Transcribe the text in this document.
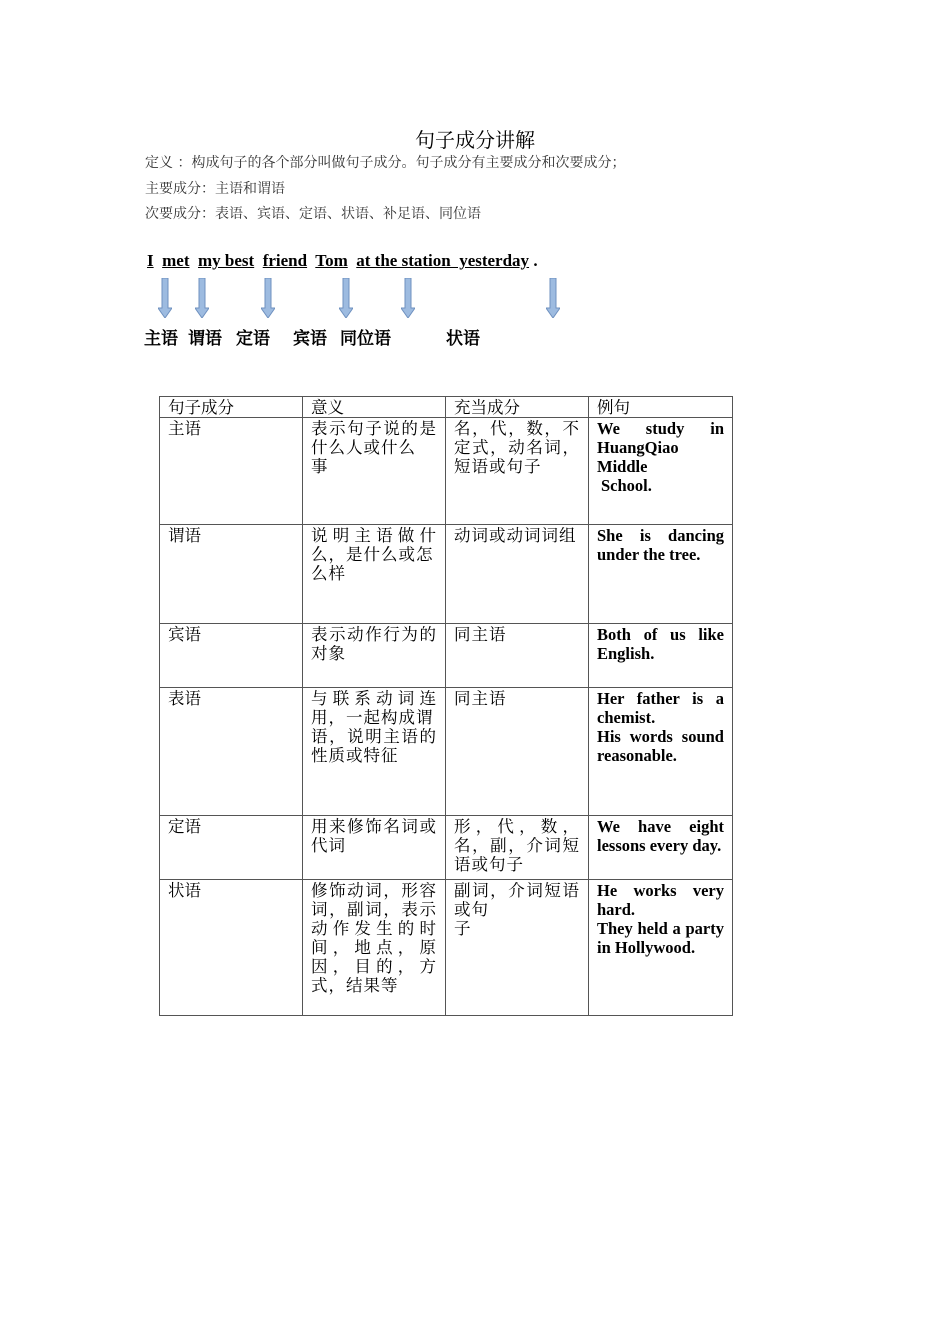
句子成分讲解
定义 ：构成句子的各个部分叫做句子成分。句子成分有主要成分和次要成分；
主要成分：主语和谓语
次要成分：表语、宾语、定语、状语、补足语、同位语
I met my best friend Tom at the station  yesterday .
主语 谓语 定语 宾语 同位语	状语
句子成分	意义	充当成分	例句
主语	表示句子说的是什么人或什么
事	名，代，数，不定式，动名词，短语或句子	We study in HuangQiao Middle
School.

谓语	说明主语做什么，是什么或怎
么样	动词或动词词组	She is dancing under the tree.

宾语	表示动作行为的对象	同主语	Both of us like English.

表语	与联系动词连用，一起构成谓
语，说明主语的性质或特征	同主语	Her father is a chemist.
His words sound reasonable.

定语	用来修饰名词或代词	形，代，数，名，副，介词短语或句子	We have eight lessons every day.

状语	修饰动词，形容词，副词，表示动作发生的时间，地点，原因，目的，方式，结果等	副词，介词短语或句
子	He works very hard.
They held a party in Hollywood.
